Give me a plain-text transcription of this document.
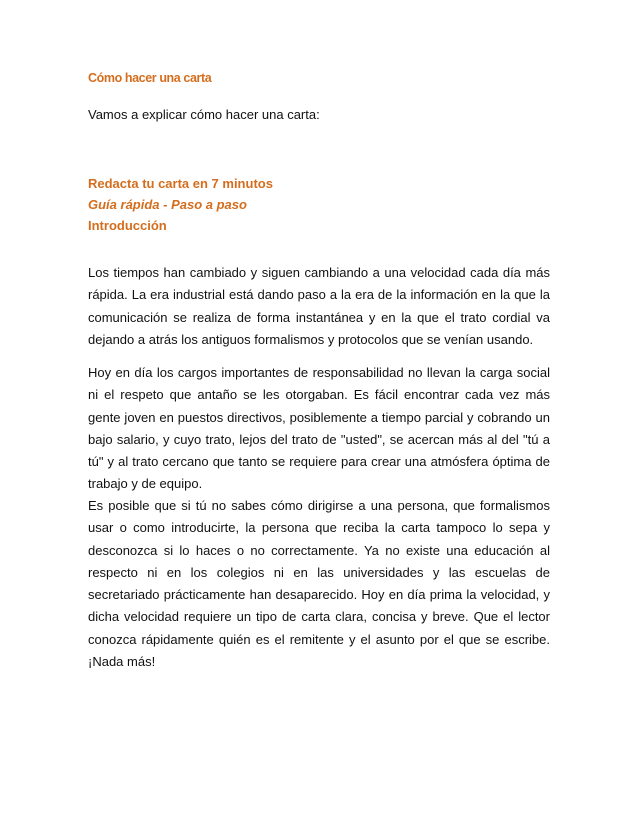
Cómo hacer una carta

Vamos a explicar cómo hacer una carta:

Redacta tu carta en 7 minutos
Guía rápida - Paso a paso
Introducción

Los tiempos han cambiado y siguen cambiando a una velocidad cada día más rápida. La era industrial está dando paso a la era de la información en la que la comunicación se realiza de forma instantánea y en la que el trato cordial va dejando a atrás los antiguos formalismos y protocolos que se venían usando.

Hoy en día los cargos importantes de responsabilidad no llevan la carga social ni el respeto que antaño se les otorgaban. Es fácil encontrar cada vez más gente joven en puestos directivos, posiblemente a tiempo parcial y cobrando un bajo salario, y cuyo trato, lejos del trato de "usted", se acercan más al del "tú a tú" y al trato cercano que tanto se requiere para crear una atmósfera óptima de trabajo y de equipo.

Es posible que si tú no sabes cómo dirigirse a una persona, que formalismos usar o como introducirte, la persona que reciba la carta tampoco lo sepa y desconozca si lo haces o no correctamente. Ya no existe una educación al respecto ni en los colegios ni en las universidades y las escuelas de secretariado prácticamente han desaparecido. Hoy en día prima la velocidad, y dicha velocidad requiere un tipo de carta clara, concisa y breve. Que el lector conozca rápidamente quién es el remitente y el asunto por el que se escribe. ¡Nada más!
